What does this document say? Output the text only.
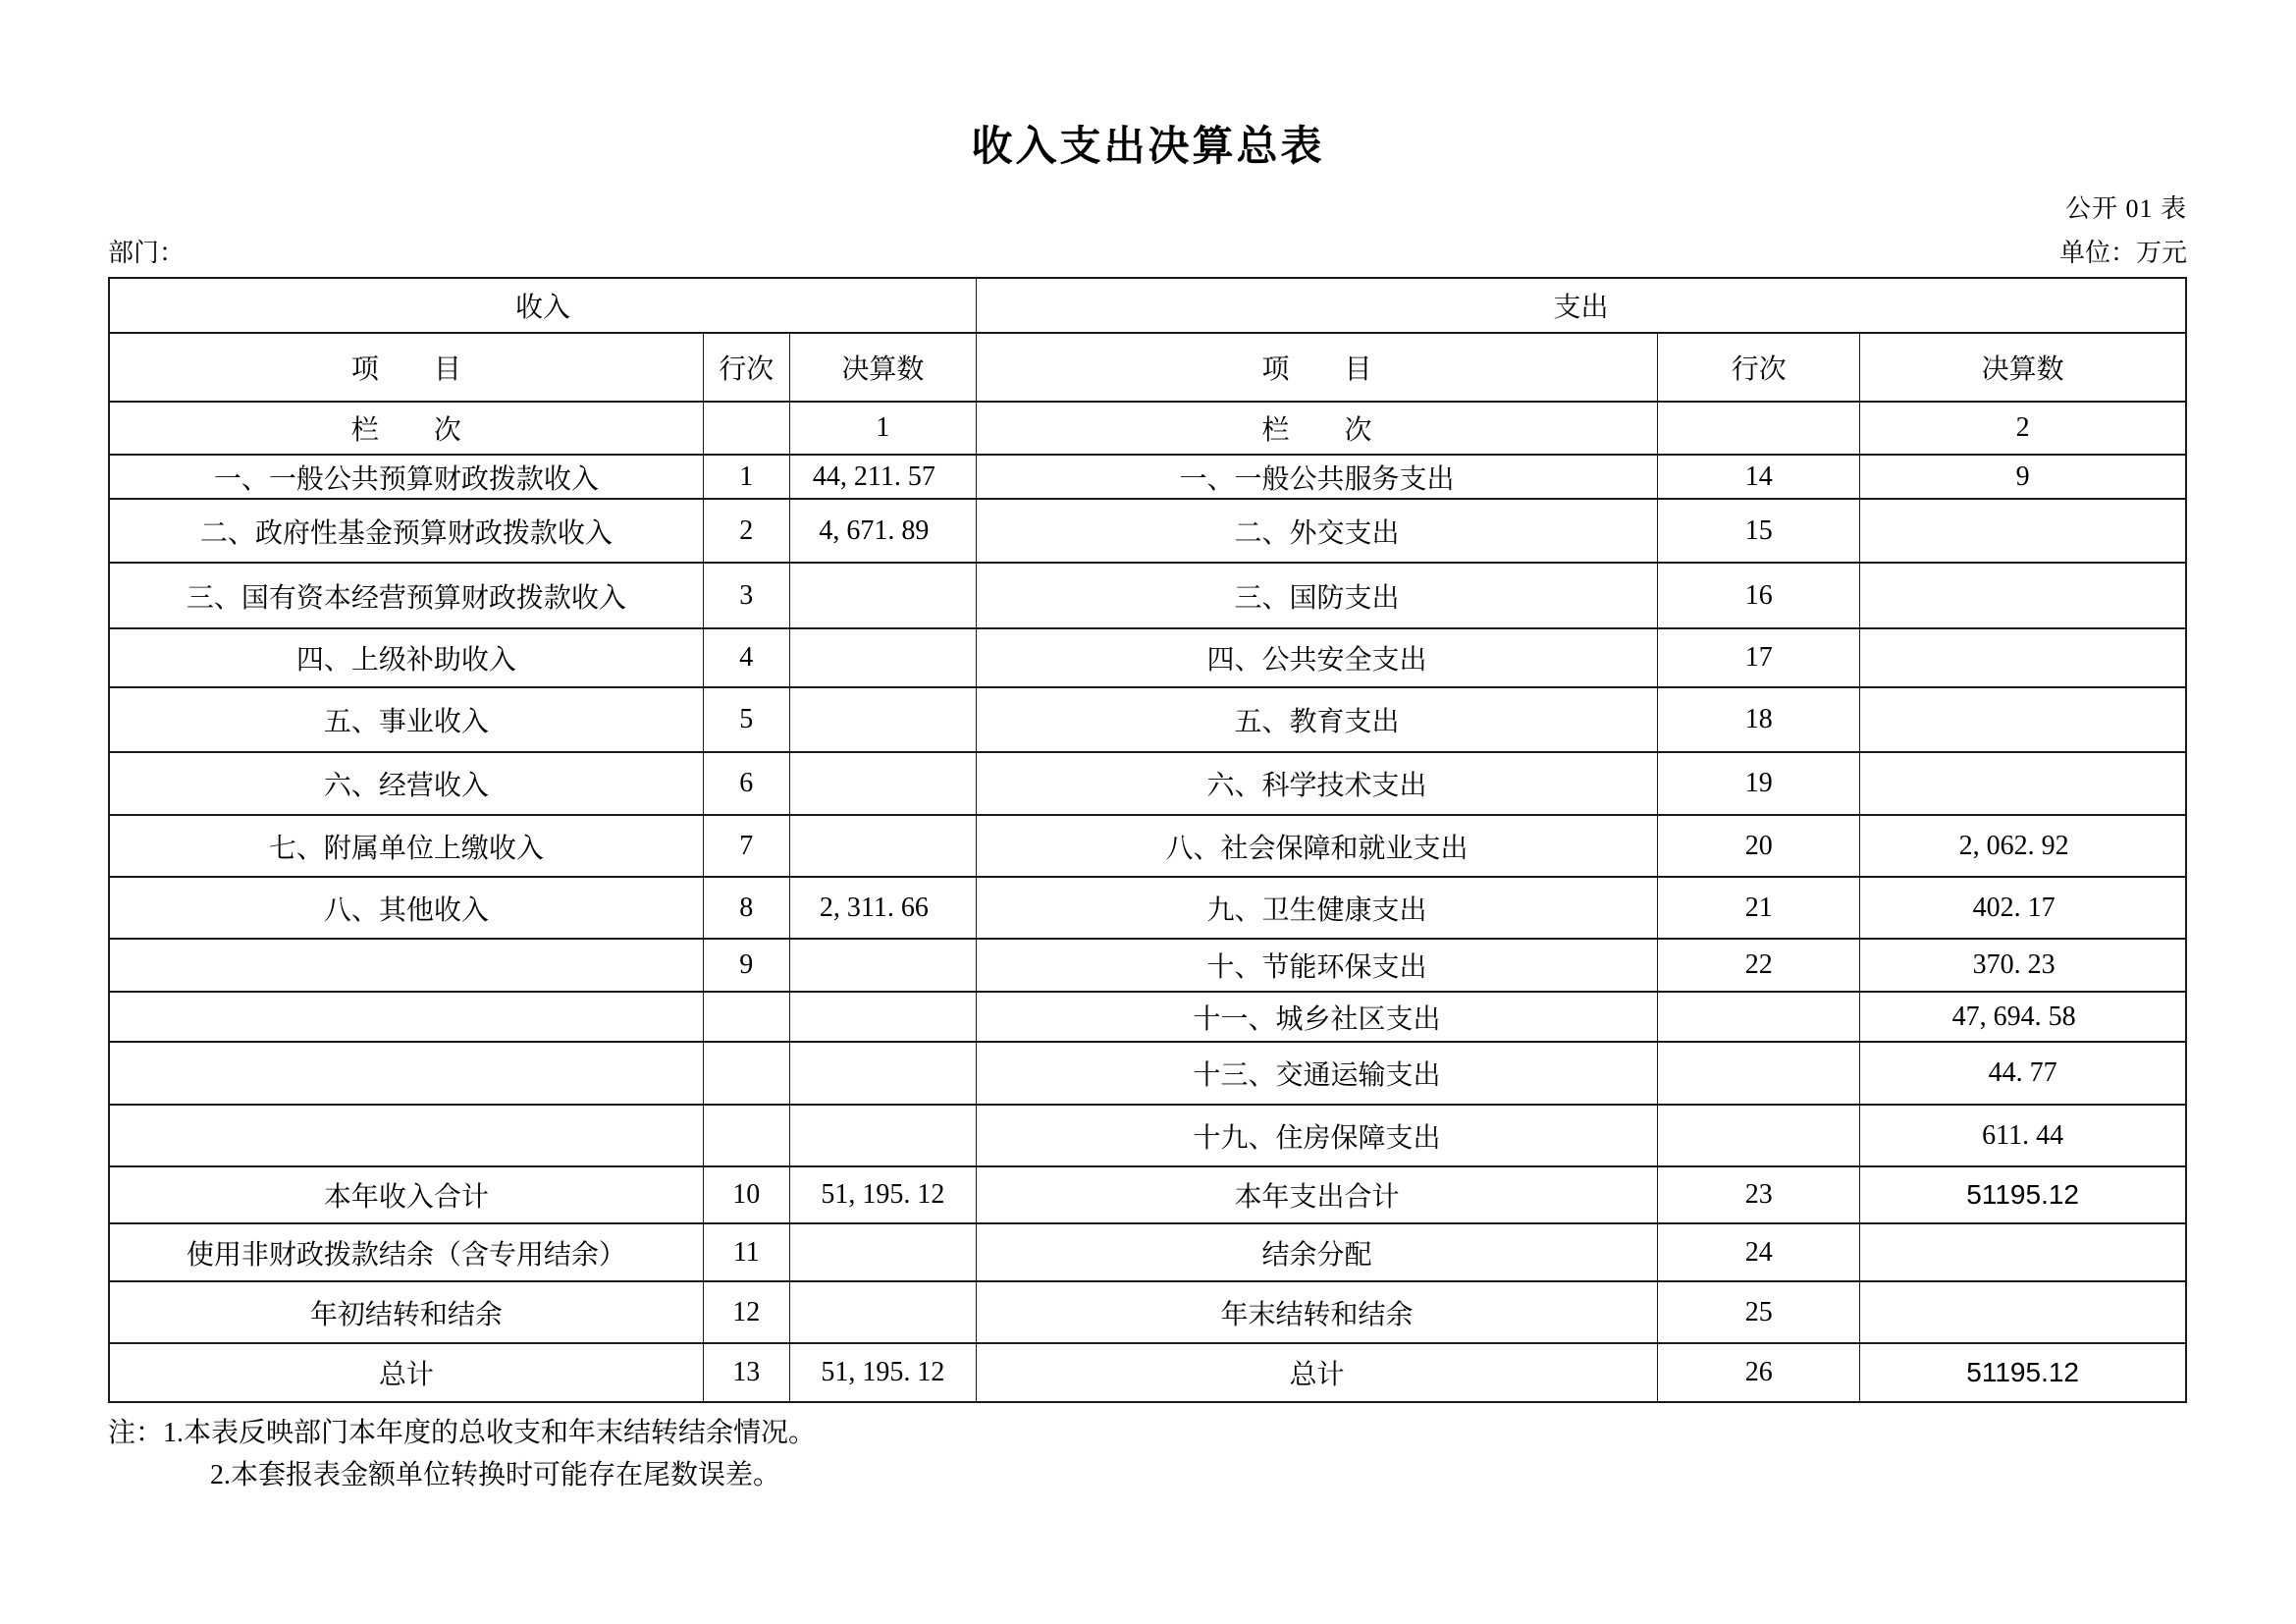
收入支出决算总表
公开 01 表
部门：	单位：万元
收入			支出		
项　　目	行次	决算数	项　　目	行次	决算数
栏　　次		1	栏　　次		2
一、一般公共预算财政拨款收入	1	44, 211. 57	一、一般公共服务支出	14	9
二、政府性基金预算财政拨款收入	2	4, 671. 89	二、外交支出	15	
三、国有资本经营预算财政拨款收入	3		三、国防支出	16	
四、上级补助收入	4		四、公共安全支出	17	
五、事业收入	5		五、教育支出	18	
六、经营收入	6		六、科学技术支出	19	
七、附属单位上缴收入	7		八、社会保障和就业支出	20	2, 062. 92
八、其他收入	8	2, 311. 66	九、卫生健康支出	21	402. 17
	9		十、节能环保支出	22	370. 23
			十一、城乡社区支出		47, 694. 58
			十三、交通运输支出		44. 77
			十九、住房保障支出		611. 44
本年收入合计	10	51, 195. 12	本年支出合计	23	51195.12
使用非财政拨款结余（含专用结余）	11		结余分配	24	
年初结转和结余	12		年末结转和结余	25	
总计	13	51, 195. 12	总计	26	51195.12
注：1.本表反映部门本年度的总收支和年末结转结余情况。
2.本套报表金额单位转换时可能存在尾数误差。
